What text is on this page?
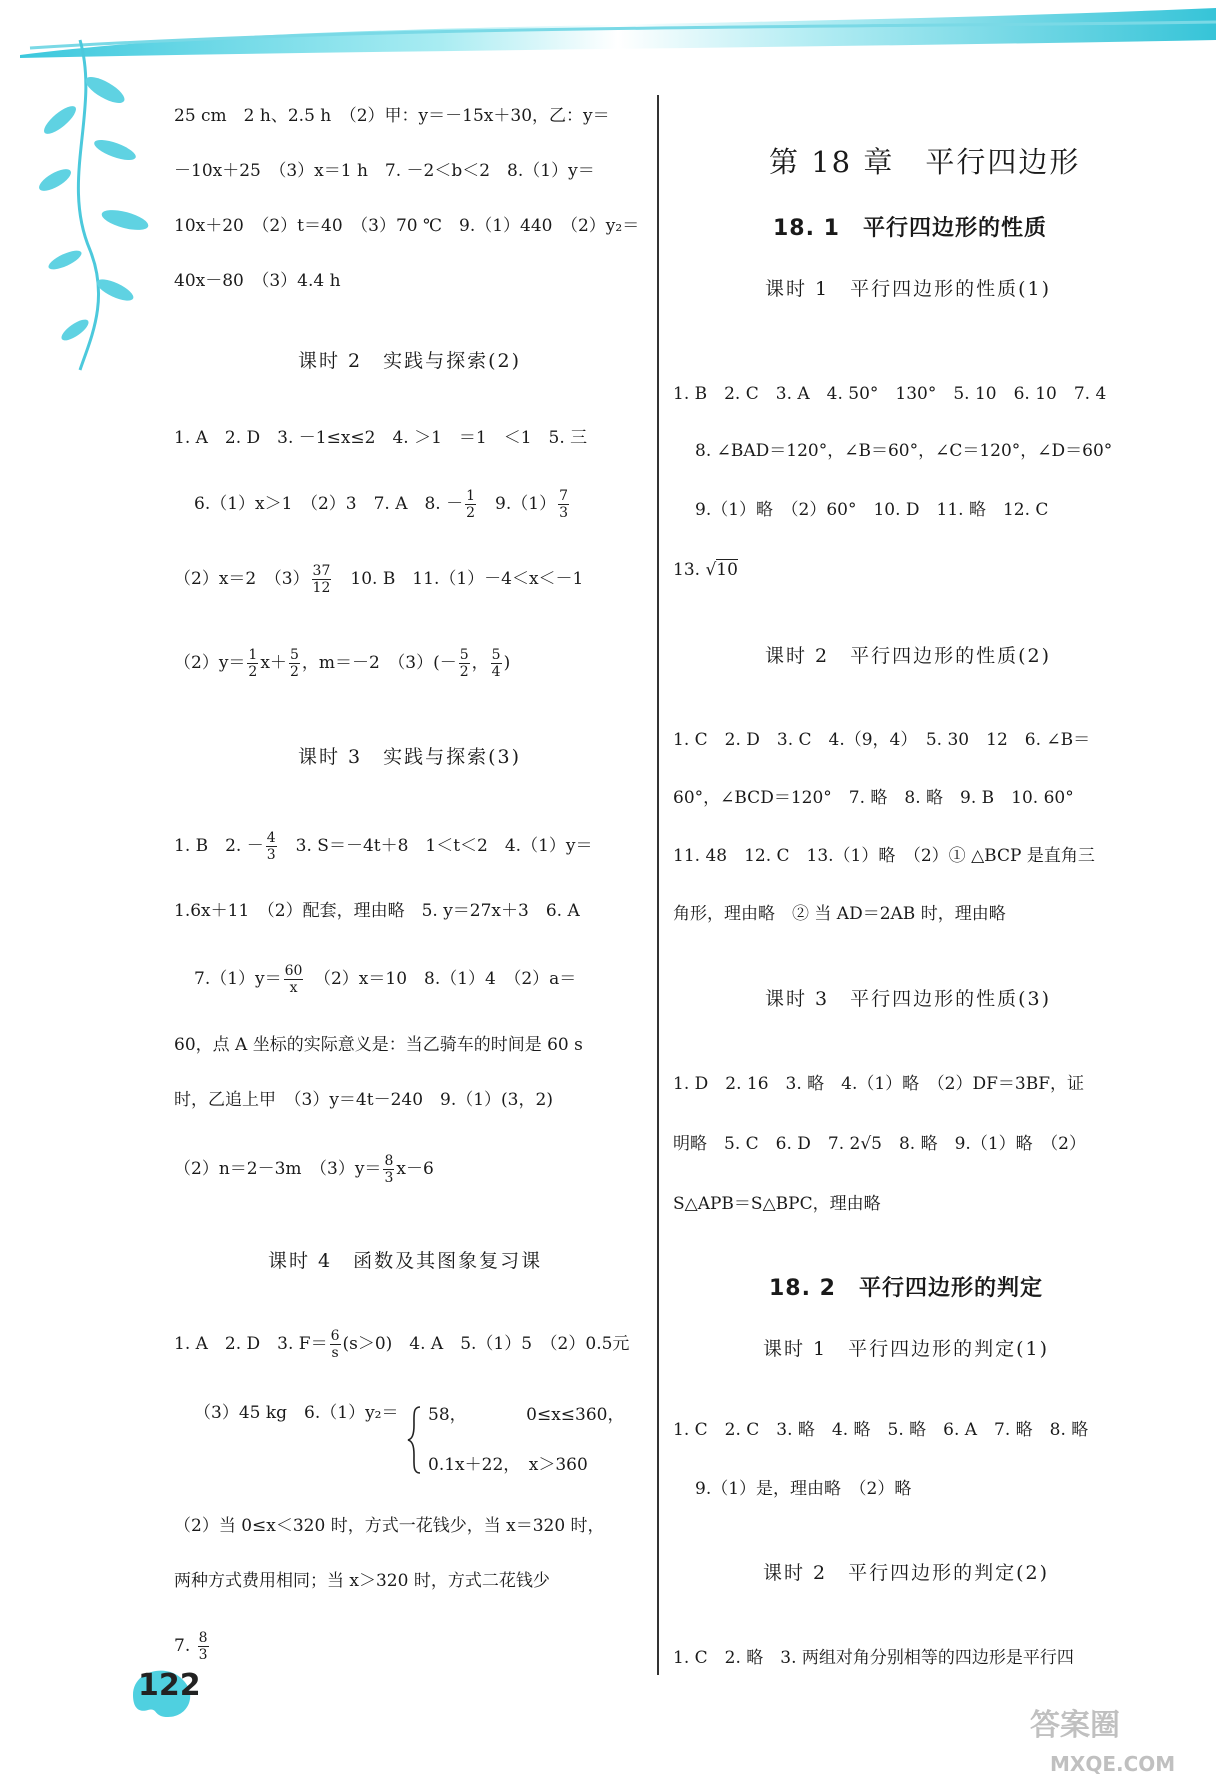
25 cm　2 h、2.5 h　（2）甲：y＝－15x＋30，乙：y＝
－10x＋25　（3）x＝1 h　7. －2＜b＜2　8.（1）y＝
10x＋20　（2）t＝40　（3）70 ℃　9.（1）440　（2）y₂＝
40x－80　（3）4.4 h
课时 2　实践与探索(2)
1. A　2. D　3. －1≤x≤2　4. ＞1　＝1　＜1　5. 三
6.（1）x＞1　（2）3　7. A　8. － $\frac{1}{2}$ 　$9.(1) \frac{7}{3}$
（2）x＝2　$(3) \frac{37}{12}$ 　10. B　11.（1）－4＜x＜－1
$(2)y= \frac{1}{2} x+ \frac{5}{2}$ ，m＝－2　$(3)(- \frac{5}{2}$ ， $\frac{5}{4}$ )
课时 3　实践与探索(3)
1. B　2. － $\frac{4}{3}$ 　3. S＝－4t＋8　1＜t＜2　4.（1）y＝
1.6x＋11　（2）配套，理由略　5. y＝27x＋3　6. A
$7.(1)y= \frac{60}{x}$ 　（2）x＝10　8.（1）4　（2）a＝
60，点 A 坐标的实际意义是：当乙骑车的时间是 60 s
时，乙追上甲　（3）y＝4t－240　9.（1）(3，2)
（2）n＝2－3m　$(3)y= \frac{8}{3} x-6$
课时 4　函数及其图象复习课
1. A　2. D　3. $F= \frac{6}{s} (s>0)$　4. A　5.（1）5　（2）0.5元
（3）45 kg　6.（1）y₂＝ 58，　　　　0≤x≤360，
0.1x＋22，　x＞360
（2）当 0≤x＜320 时，方式一花钱少，当 x＝320 时，
两种方式费用相同；当 x＞320 时，方式二花钱少
7. $\frac{8}{3}$
第 18 章　平行四边形
18. 1　平行四边形的性质
课时 1　平行四边形的性质(1)
1. B　2. C　3. A　4. 50°　130°　5. 10　6. 10　7. 4
8. ∠BAD＝120°，∠B＝60°，∠C＝120°，∠D＝60°
9.（1）略　（2）60°　10. D　11. 略　12. C
13. √10
课时 2　平行四边形的性质(2)
1. C　2. D　3. C　4.（9，4）　5. 30　12　6. ∠B＝
60°，∠BCD＝120°　7. 略　8. 略　9. B　10. 60°
11. 48　12. C　13.（1）略　（2）① △BCP 是直角三
角形，理由略　② 当 AD＝2AB 时，理由略
课时 3　平行四边形的性质(3)
1. D　2. 16　3. 略　4.（1）略　（2）DF＝3BF，证
明略　5. C　6. D　7. 2√5　8. 略　9.（1）略　（2）
S△APB＝S△BPC，理由略
18. 2　平行四边形的判定
课时 1　平行四边形的判定(1)
1. C　2. C　3. 略　4. 略　5. 略　6. A　7. 略　8. 略
9.（1）是，理由略　（2）略
课时 2　平行四边形的判定(2)
1. C　2. 略　3. 两组对角分别相等的四边形是平行四
122
答案圈
MXQE.COM
